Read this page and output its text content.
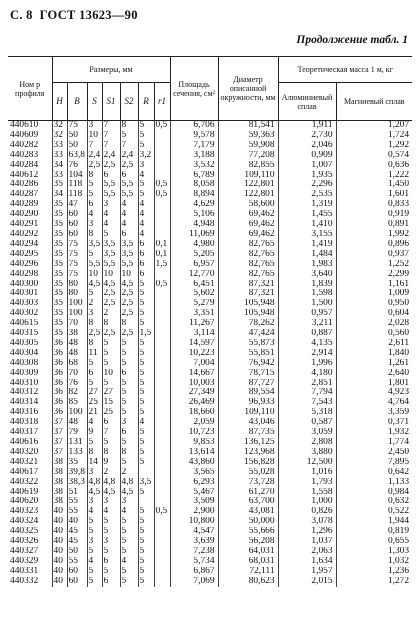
С. 8 ГОСТ 13623—90
Продолжение табл. 1
Ном р профиля	Размеры, мм							Площадь сечения, см²	Диаметр описанной окружности, мм	Теоретическая масса 1 м, кг	
	H	B	S	S1	S2	R	r1			Алюминиевый сплав	Магниевый сплав
440610	32	75	3	7	8	5	0,5	6,706	81,541	1,911	1,207
440609	32	50	10	7	5	5		9,578	59,363	2,730	1,724
440282	33	50	7	7	7	5		7,179	59,908	2,046	1,292
440283	33	63,8	2,4	2,4	2,4	3,2		3,188	77,208	0,909	0,574
440284	34	76	2,5	2,5	2,5	3		3,532	82,855	1,007	0,636
440612	33	104	8	6	6	4		6,789	109,110	1,935	1,222
440286	35	118	5	5,5	5,5	5	0,5	8,058	122,801	2,296	1,450
440287	34	118	5	5,5	5,5	5	0,5	8,894	122,801	2,535	1,601
440289	35	47	6	3	4	4		4,629	58,600	1,319	0,833
440290	35	60	4	4	4	4		5,106	69,462	1,455	0,919
440291	35	60	3	4	4	4		4,948	69,462	1,410	0,891
440292	35	60	8	5	6	4		11,069	69,462	3,155	1,992
440294	35	75	3,5	3,5	3,5	6	0,1	4,980	82,765	1,419	0,896
440295	35	75	5	3,5	3,5	6	0,1	5,205	82,765	1,484	0,937
440296	35	75	5,5	5,5	5,5	6	1,5	6,957	82,765	1,983	1,252
440298	35	75	10	10	10	6		12,770	82,765	3,640	2,299
440300	35	80	4,5	4,5	4,5	5	0,5	6,451	87,321	1,839	1,161
440301	35	80	5	2,5	2,5	5		5,602	87,321	1,598	1,009
440303	35	100	2	2,5	2,5	5		5,279	105,948	1,500	0,950
440302	35	100	3	2	2,5	5		3,351	105,948	0,957	0,604
440615	35	70	8	8	8	5		11,267	78,262	3,211	2,028
440315	35	38	2,5	2,5	2,5	1,5		3,114	47,424	0,887	0,560
440305	36	48	8	5	5	5		14,597	55,873	4,135	2,611
440304	36	48	11	5	5	5		10,223	55,851	2,914	1,840
440308	36	68	5	5	5	5		7,004	76,942	1,996	1,261
440309	36	70	6	10	6	5		14,667	78,715	4,180	2,640
440310	36	76	5	5	5	5		10,003	87,727	2,851	1,801
440312	36	82	27	27	5	5		27,349	89,554	7,794	4,923
440314	36	85	25	15	5	5		26,469	96,933	7,543	4,764
440316	36	100	21	25	5	5		18,660	109,110	5,318	3,359
440318	37	48	4	6	3	4		2,059	43,046	0,587	0,371
440317	37	79	9	7	6	5		10,723	87,735	3,059	1,932
440616	37	131	5	5	5	5		9,853	136,125	2,808	1,774
440320	37	133	8	8	8	5		13,614	123,968	3,880	2,450
440321	38	35	14	9	5	5		43,860	156,828	12,500	7,895
440617	38	39,8	3	2	2			3,565	55,028	1,016	0,642
440322	38	38,3	4,8	4,8	4,8	3,5		6,293	73,728	1,793	1,133
440619	38	51	4,5	4,5	4,5	5		5,467	61,270	1,558	0,984
440620	38	55	3	3	3			3,509	63,700	1,000	0,632
440323	40	55	4	4	4	5	0,5	2,900	43,081	0,826	0,522
440324	40	40	5	5	5	5		10,800	50,000	3,078	1,944
440325	40	45	5	5	5	5		4,547	55,666	1,296	0,819
440326	40	45	3	3	5	5		3,639	56,208	1,037	0,655
440327	40	50	5	5	5	5		7,238	64,031	2,063	1,303
440329	40	55	4	6	4	5		5,734	68,031	1,634	1,032
440331	40	60	5	5	5	5		6,867	72,111	1,957	1,236
440332	40	60	5	6	5	5		7,069	80,623	2,015	1,272
